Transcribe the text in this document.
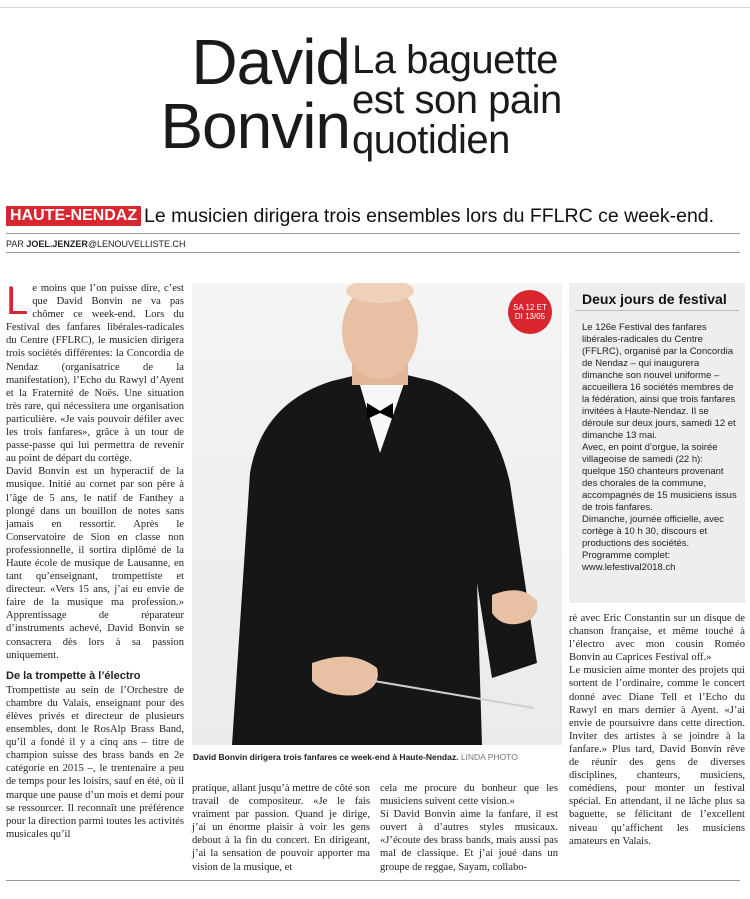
David
Bonvin
La baguette
est son pain
quotidien
HAUTE-NENDAZ Le musicien dirigera trois ensembles lors du FFLRC ce week-end.
PAR JOEL.JENZER@LENOUVELLISTE.CH
L e moins que l’on puisse dire, c’est que David Bonvin ne va pas chômer ce week-end. Lors du Festival des fanfares libérales-radicales du Centre (FFLRC), le musicien dirigera trois sociétés différentes: la Concordia de Nendaz (organisatrice de la manifestation), l’Echo du Rawyl d’Ayent et la Fraternité de Noës. Une situation très rare, qui nécessitera une organisation particulière. «Je vais pouvoir défiler avec les trois fanfares», grâce à un tour de passe-passe qui lui permettra de revenir au point de départ du cortège.
David Bonvin est un hyperactif de la musique. Initié au cornet par son père à l’âge de 5 ans, le natif de Fanthey a plongé dans un bouillon de notes sans jamais en ressortir. Après le Conservatoire de Sion en classe non professionnelle, il sortira diplômé de la Haute école de musique de Lausanne, en tant qu’enseignant, trompettiste et directeur. «Vers 15 ans, j’ai eu envie de faire de la musique ma profession.» Apprentissage de réparateur d’instruments achevé, David Bonvin se consacrera dès lors à sa passion uniquement.
De la trompette à l’électro
Trompettiste au sein de l’Orchestre de chambre du Valais, enseignant pour des élèves privés et directeur de plusieurs ensembles, dont le RosAlp Brass Band, qu’il a fondé il y a cinq ans – titre de champion suisse des brass bands en 2e catégorie en 2015 –, le trentenaire a peu de temps pour les loisirs, sauf en été, où il marque une pause d’un mois et demi pour se ressourcer. Il reconnaît une préférence pour la direction parmi toutes les activités musicales qu’il
SA 12 ET
DI 13/05
David Bonvin dirigera trois fanfares ce week-end à Haute-Nendaz. LINDA PHOTO
pratique, allant jusqu’à mettre de côté son travail de compositeur. «Je le fais vraiment par passion. Quand je dirige, j’ai un énorme plaisir à voir les gens debout à la fin du concert. En dirigeant, j’ai la sensation de pouvoir apporter ma vision de la musique, et
cela me procure du bonheur que les musiciens suivent cette vision.»
Si David Bonvin aime la fanfare, il est ouvert à d’autres styles musicaux. «J’écoute des brass bands, mais aussi pas mal de classique. Et j’ai joué dans un groupe de reggae, Sayam, collabo-
Deux jours de festival

Le 126e Festival des fanfares libérales-radicales du Centre (FFLRC), organisé par la Concordia de Nendaz – qui inaugurera dimanche son nouvel uniforme – accueillera 16 sociétés membres de la fédération, ainsi que trois fanfares invitées à Haute-Nendaz. Il se déroule sur deux jours, samedi 12 et dimanche 13 mai.

Avec, en point d’orgue, la soirée villageoise de samedi (22 h): quelque 150 chanteurs provenant des chorales de la commune, accompagnés de 15 musiciens issus de trois fanfares.

Dimanche, journée officielle, avec cortège à 10 h 30, discours et productions des sociétés.

Programme complet: www.lefestival2018.ch

ré avec Eric Constantin sur un disque de chanson française, et même touché à l’électro avec mon cousin Roméo Bonvin au Caprices Festival off.»
Le musicien aime monter des projets qui sortent de l’ordinaire, comme le concert donné avec Diane Tell et l’Echo du Rawyl en mars dernier à Ayent. «J’ai envie de poursuivre dans cette direction. Inviter des artistes à se joindre à la fanfare.» Plus tard, David Bonvin rêve de réunir des gens de diverses disciplines, chanteurs, musiciens, comédiens, pour monter un festival spécial. En attendant, il ne lâche plus sa baguette, se félicitant de l’excellent niveau qu’affichent les musiciens amateurs en Valais.
